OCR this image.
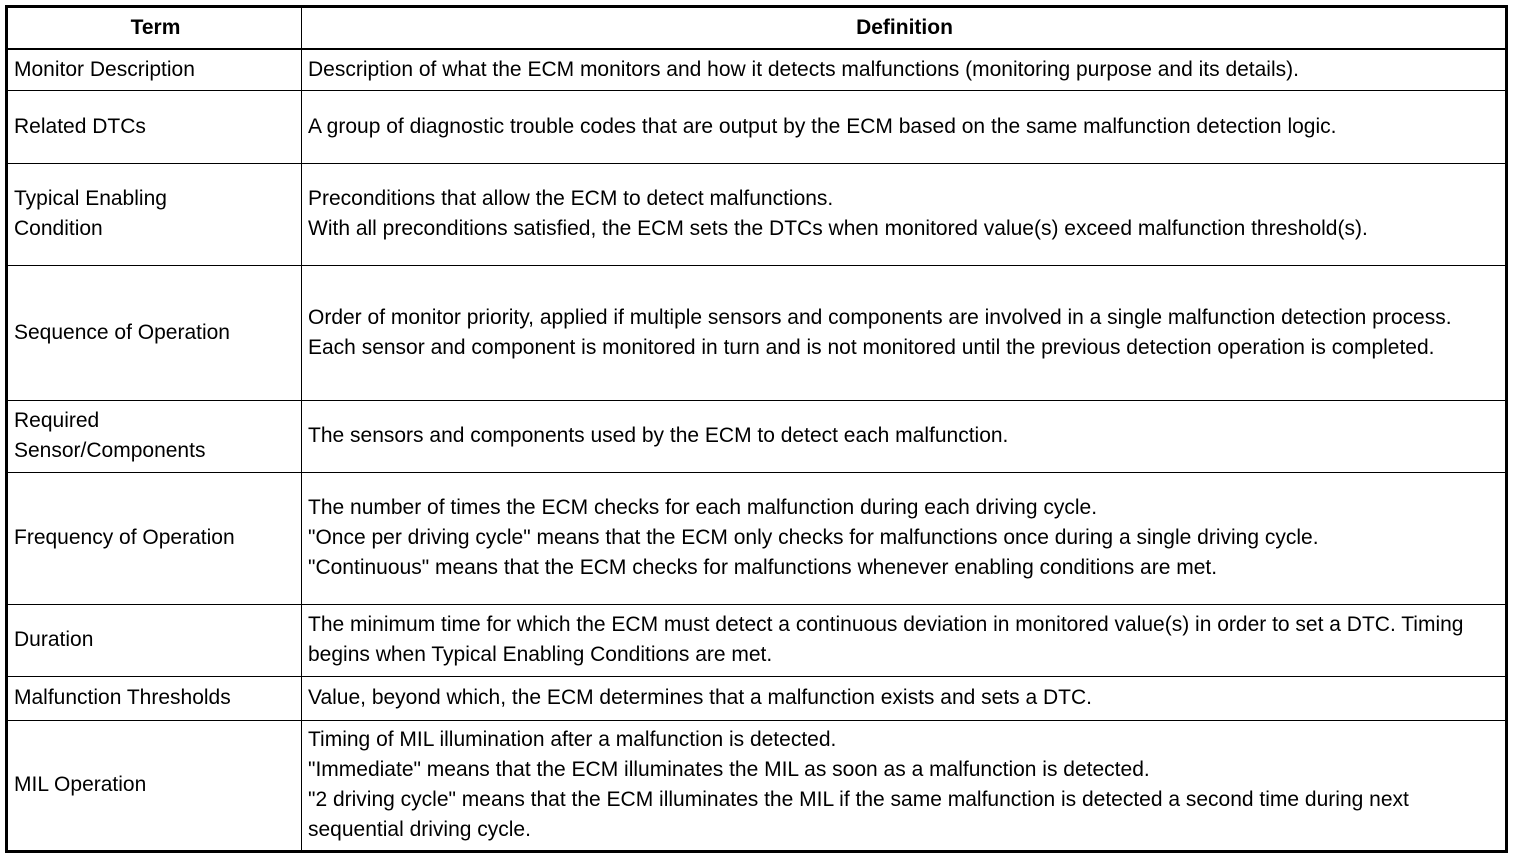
Term	Definition

Monitor Description	Description of what the ECM monitors and how it detects malfunctions (monitoring purpose and its details).

Related DTCs	A group of diagnostic trouble codes that are output by the ECM based on the same malfunction detection logic.

Typical Enabling
Condition	Preconditions that allow the ECM to detect malfunctions.
With all preconditions satisfied, the ECM sets the DTCs when monitored value(s) exceed malfunction threshold(s).

Sequence of Operation	Order of monitor priority, applied if multiple sensors and components are involved in a single malfunction detection process.
Each sensor and component is monitored in turn and is not monitored until the previous detection operation is completed.

Required
Sensor/Components	The sensors and components used by the ECM to detect each malfunction.

Frequency of Operation	The number of times the ECM checks for each malfunction during each driving cycle.
"Once per driving cycle" means that the ECM only checks for malfunctions once during a single driving cycle.
"Continuous" means that the ECM checks for malfunctions whenever enabling conditions are met.

Duration	The minimum time for which the ECM must detect a continuous deviation in monitored value(s) in order to set a DTC. Timing begins when Typical Enabling Conditions are met.

Malfunction Thresholds	Value, beyond which, the ECM determines that a malfunction exists and sets a DTC.

MIL Operation	Timing of MIL illumination after a malfunction is detected.
"Immediate" means that the ECM illuminates the MIL as soon as a malfunction is detected.
"2 driving cycle" means that the ECM illuminates the MIL if the same malfunction is detected a second time during next sequential driving cycle.
